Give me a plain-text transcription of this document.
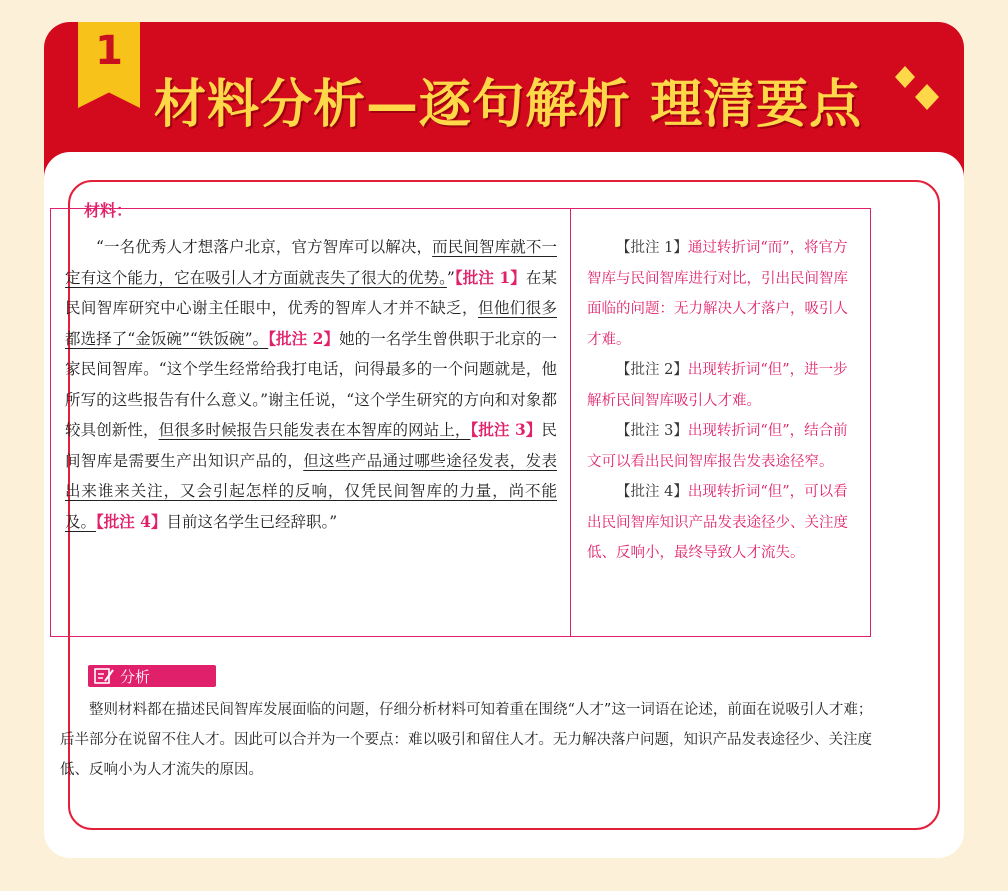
1
材料分析—逐句解析 理清要点
材料：

“一名优秀人才想落户北京，官方智库可以解决，而民间智库就不一定有这个能力，它在吸引人才方面就丧失了很大的优势。”【批注 1】在某民间智库研究中心谢主任眼中，优秀的智库人才并不缺乏，但他们很多都选择了“金饭碗”“铁饭碗”。【批注 2】她的一名学生曾供职于北京的一家民间智库。“这个学生经常给我打电话，问得最多的一个问题就是，他所写的这些报告有什么意义。”谢主任说，“这个学生研究的方向和对象都较具创新性，但很多时候报告只能发表在本智库的网站上，【批注 3】民间智库是需要生产出知识产品的，但这些产品通过哪些途径发表，发表出来谁来关注，又会引起怎样的反响，仅凭民间智库的力量，尚不能及。【批注 4】目前这名学生已经辞职。”

【批注 1】通过转折词“而”，将官方智库与民间智库进行对比，引出民间智库面临的问题：无力解决人才落户，吸引人才难。

【批注 2】出现转折词“但”，进一步解析民间智库吸引人才难。

【批注 3】出现转折词“但”，结合前文可以看出民间智库报告发表途径窄。

【批注 4】出现转折词“但”，可以看出民间智库知识产品发表途径少、关注度低、反响小，最终导致人才流失。

分析

整则材料都在描述民间智库发展面临的问题，仔细分析材料可知着重在围绕“人才”这一词语在论述，前面在说吸引人才难；后半部分在说留不住人才。因此可以合并为一个要点：难以吸引和留住人才。无力解决落户问题，知识产品发表途径少、关注度低、反响小为人才流失的原因。
